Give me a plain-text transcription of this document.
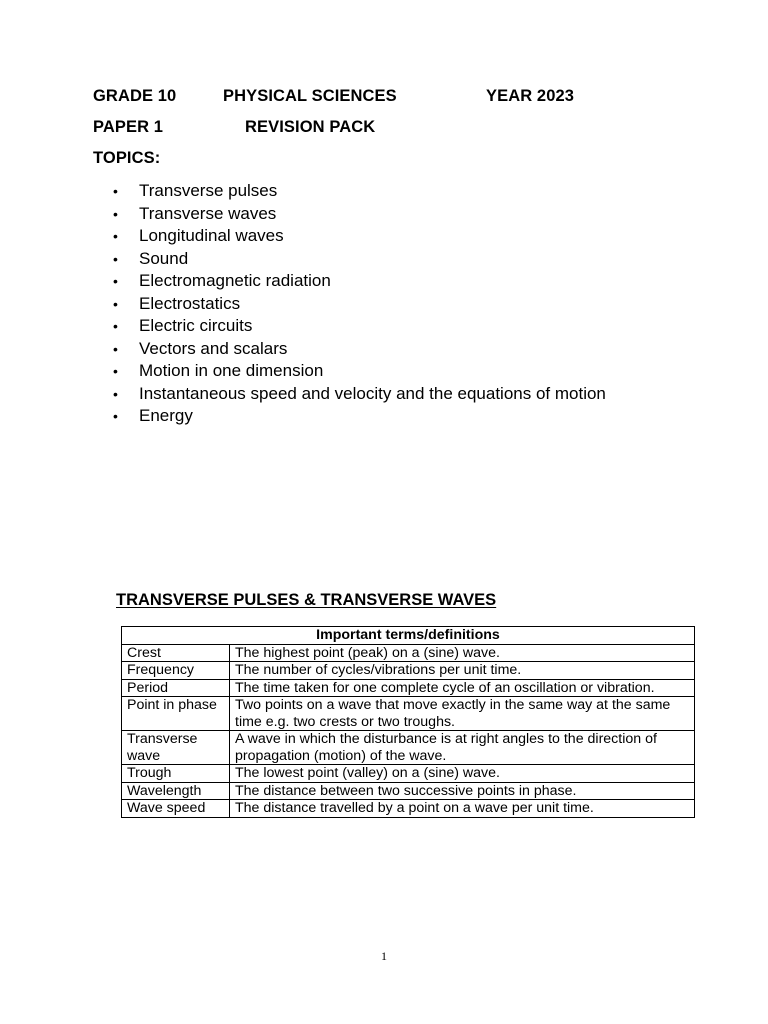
GRADE 10	PHYSICAL SCIENCES	YEAR 2023
PAPER 1	REVISION PACK
TOPICS:
• Transverse pulses
• Transverse waves
• Longitudinal waves
• Sound
• Electromagnetic radiation
• Electrostatics
• Electric circuits
• Vectors and scalars
• Motion in one dimension
• Instantaneous speed and velocity and the equations of motion
• Energy
TRANSVERSE PULSES & TRANSVERSE WAVES
Important terms/definitions	
Crest	The highest point (peak) on a (sine) wave.
Frequency	The number of cycles/vibrations per unit time.
Period	The time taken for one complete cycle of an oscillation or vibration.
Point in phase	Two points on a wave that move exactly in the same way at the same time e.g. two crests or two troughs.
Transverse wave	A wave in which the disturbance is at right angles to the direction of propagation (motion) of the wave.
Trough	The lowest point (valley) on a (sine) wave.
Wavelength	The distance between two successive points in phase.
Wave speed	The distance travelled by a point on a wave per unit time.
1
